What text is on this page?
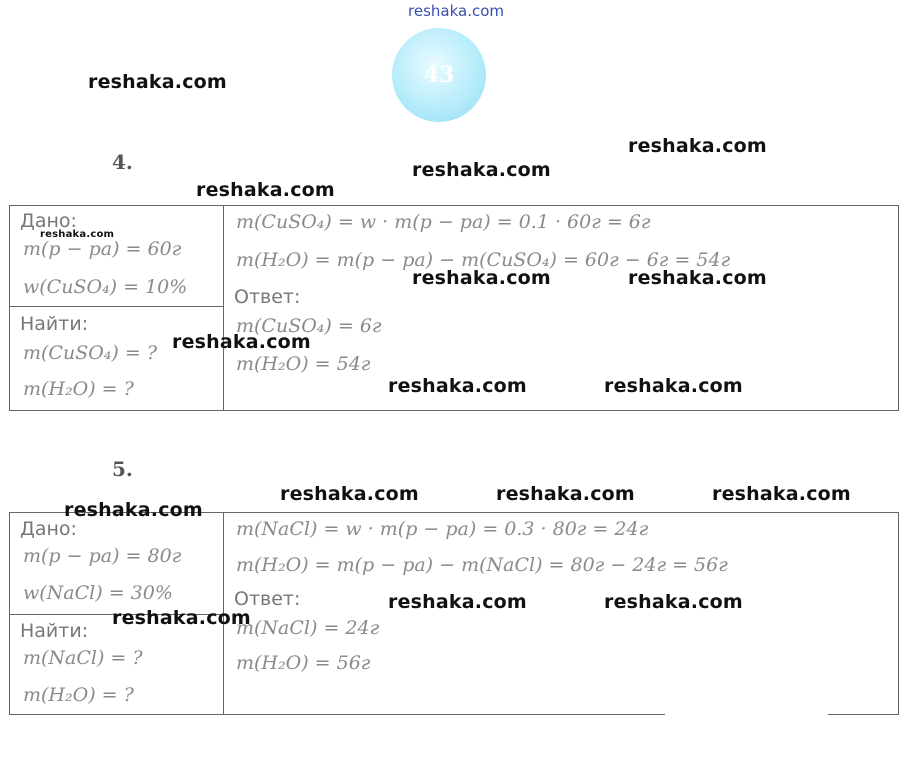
reshaka.com
43
4.
Дано:
m(p − pa) = 60г
w(CuSO₄) = 10%
Найти:
m(CuSO₄) = ?
m(H₂O) = ?
m(CuSO₄) = w · m(p − pa) = 0.1 · 60г = 6г
m(H₂O) = m(p − pa) − m(CuSO₄) = 60г − 6г = 54г
Ответ:
m(CuSO₄) = 6г
m(H₂O) = 54г
5.
Дано:
m(p − pa) = 80г
w(NaCl) = 30%
Найти:
m(NaCl) = ?
m(H₂O) = ?
m(NaCl) = w · m(p − pa) = 0.3 · 80г = 24г
m(H₂O) = m(p − pa) − m(NaCl) = 80г − 24г = 56г
Ответ:
m(NaCl) = 24г
m(H₂O) = 56г
reshaka.com
reshaka.com
reshaka.com
reshaka.com
reshaka.com
reshaka.com	reshaka.com
reshaka.com
reshaka.com	reshaka.com
reshaka.com	reshaka.com	reshaka.com
reshaka.com
reshaka.com	reshaka.com
reshaka.com
